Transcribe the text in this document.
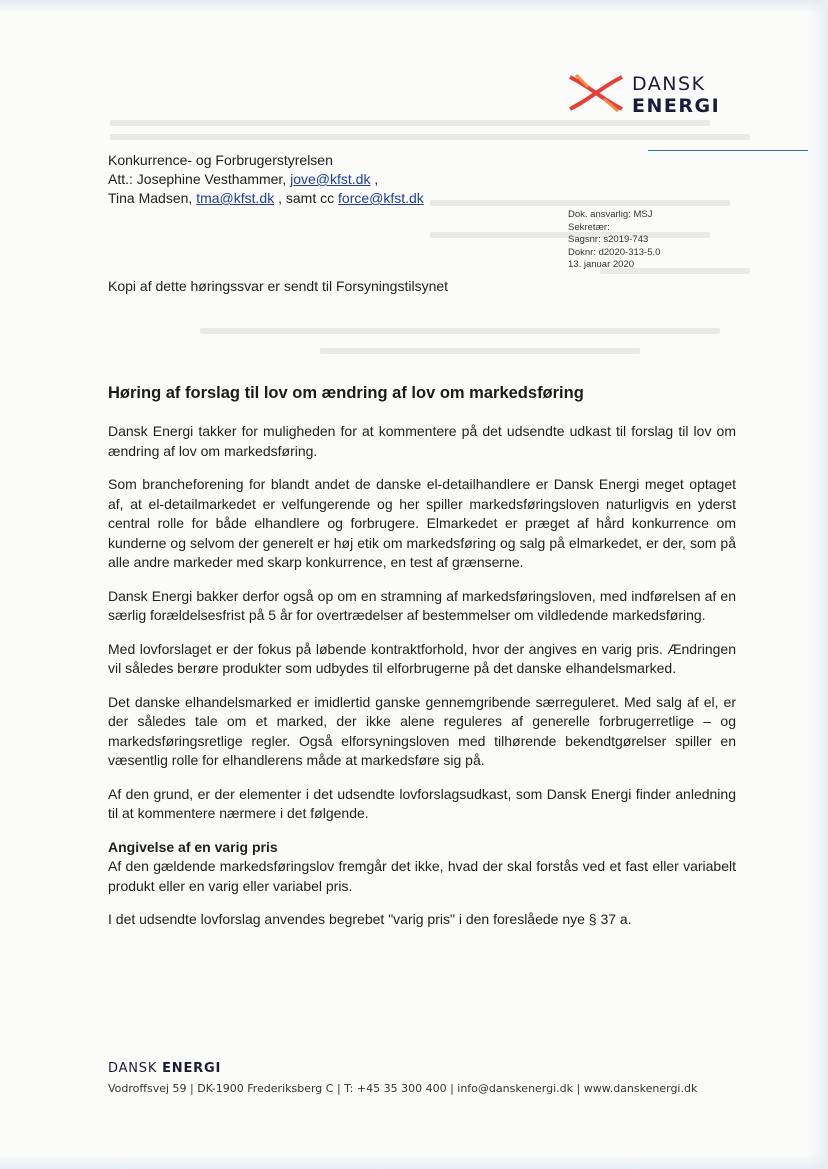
DANSK
ENERGI
Konkurrence- og Forbrugerstyrelsen
Att.: Josephine Vesthammer, jove@kfst.dk ,
Tina Madsen, tma@kfst.dk , samt cc force@kfst.dk
Dok. ansvarlig: MSJ
Sekretær:
Sagsnr: s2019-743
Doknr: d2020-313-5.0
13. januar 2020
Kopi af dette høringssvar er sendt til Forsyningstilsynet
Høring af forslag til lov om ændring af lov om markedsføring

Dansk Energi takker for muligheden for at kommentere på det udsendte udkast til forslag til lov om ændring af lov om markedsføring.

Som brancheforening for blandt andet de danske el-detailhandlere er Dansk Energi meget optaget af, at el-detailmarkedet er velfungerende og her spiller markedsføringsloven naturligvis en yderst central rolle for både elhandlere og forbrugere. Elmarkedet er præget af hård konkurrence om kunderne og selvom der generelt er høj etik om markedsføring og salg på elmarkedet, er der, som på alle andre markeder med skarp konkurrence, en test af grænserne.

Dansk Energi bakker derfor også op om en stramning af markedsføringsloven, med indførelsen af en særlig forældelsesfrist på 5 år for overtrædelser af bestemmelser om vildledende markedsføring.

Med lovforslaget er der fokus på løbende kontraktforhold, hvor der angives en varig pris. Ændringen vil således berøre produkter som udbydes til elforbrugerne på det danske elhandelsmarked.

Det danske elhandelsmarked er imidlertid ganske gennemgribende særreguleret. Med salg af el, er der således tale om et marked, der ikke alene reguleres af generelle forbrugerretlige – og markedsføringsretlige regler. Også elforsyningsloven med tilhørende bekendtgørelser spiller en væsentlig rolle for elhandlerens måde at markedsføre sig på.

Af den grund, er der elementer i det udsendte lovforslagsudkast, som Dansk Energi finder anledning til at kommentere nærmere i det følgende.

Angivelse af en varig pris

Af den gældende markedsføringslov fremgår det ikke, hvad der skal forstås ved et fast eller variabelt produkt eller en varig eller variabel pris.

I det udsendte lovforslag anvendes begrebet "varig pris" i den foreslåede nye § 37 a.

DANSK ENERGI
Vodroffsvej 59 | DK-1900 Frederiksberg C | T: +45 35 300 400 | info@danskenergi.dk | www.danskenergi.dk
